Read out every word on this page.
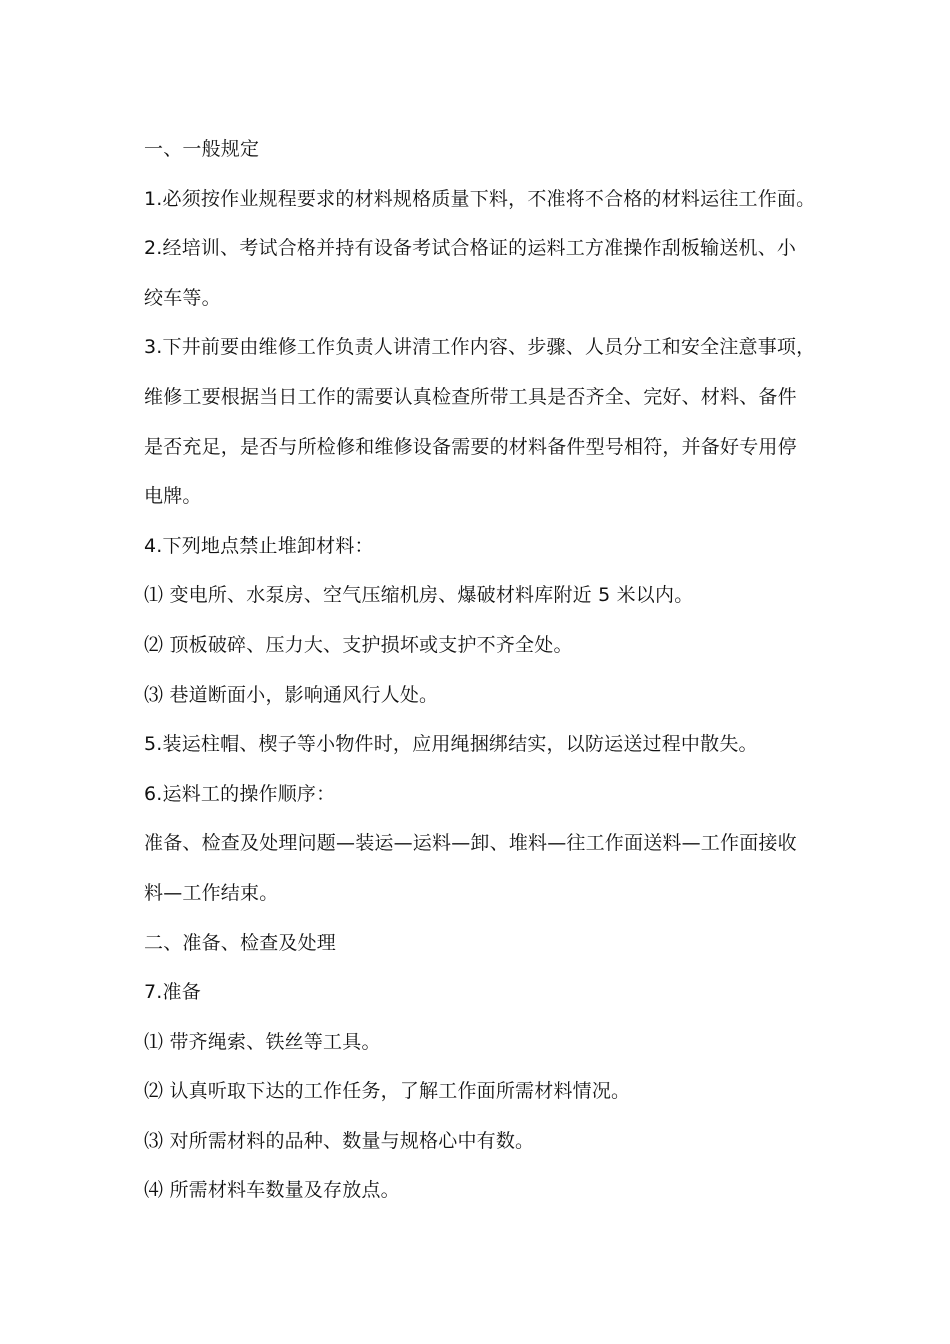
一、一般规定
1.必须按作业规程要求的材料规格质量下料，不准将不合格的材料运往工作面。
2.经培训、考试合格并持有设备考试合格证的运料工方准操作刮板输送机、小
绞车等。
3.下井前要由维修工作负责人讲清工作内容、步骤、人员分工和安全注意事项，
维修工要根据当日工作的需要认真检查所带工具是否齐全、完好、材料、备件
是否充足，是否与所检修和维修设备需要的材料备件型号相符，并备好专用停
电牌。
4.下列地点禁止堆卸材料：
⑴ 变电所、水泵房、空气压缩机房、爆破材料库附近 5 米以内。
⑵ 顶板破碎、压力大、支护损坏或支护不齐全处。
⑶ 巷道断面小，影响通风行人处。
5.装运柱帽、楔子等小物件时，应用绳捆绑结实，以防运送过程中散失。
6.运料工的操作顺序：
准备、检查及处理问题—装运—运料—卸、堆料—往工作面送料—工作面接收
料—工作结束。
二、准备、检查及处理
7.准备
⑴ 带齐绳索、铁丝等工具。
⑵ 认真听取下达的工作任务，了解工作面所需材料情况。
⑶ 对所需材料的品种、数量与规格心中有数。
⑷ 所需材料车数量及存放点。
